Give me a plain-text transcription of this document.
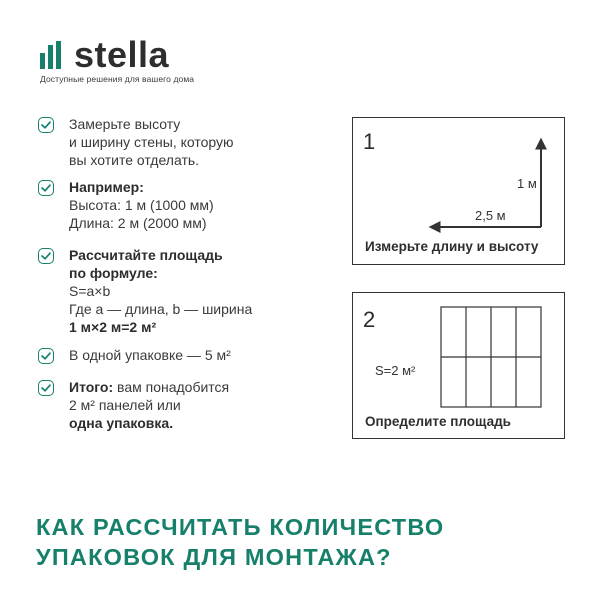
stella
Доступные решения для вашего дома
Замерьте высоту
и ширину стены, которую
вы хотите отделать.
Например:
Высота: 1 м (1000 мм)
Длина: 2 м (2000 мм)
Рассчитайте площадь
по формуле:
S=a×b
Где a — длина, b — ширина
1 м×2 м=2 м²
В одной упаковке — 5 м²
Итого: вам понадобится
2 м² панелей или
одна упаковка.
1
1 м
2,5 м
Измерьте длину и высоту
2
S=2 м²
Определите площадь
КАК РАССЧИТАТЬ КОЛИЧЕСТВО
УПАКОВОК ДЛЯ МОНТАЖА?
